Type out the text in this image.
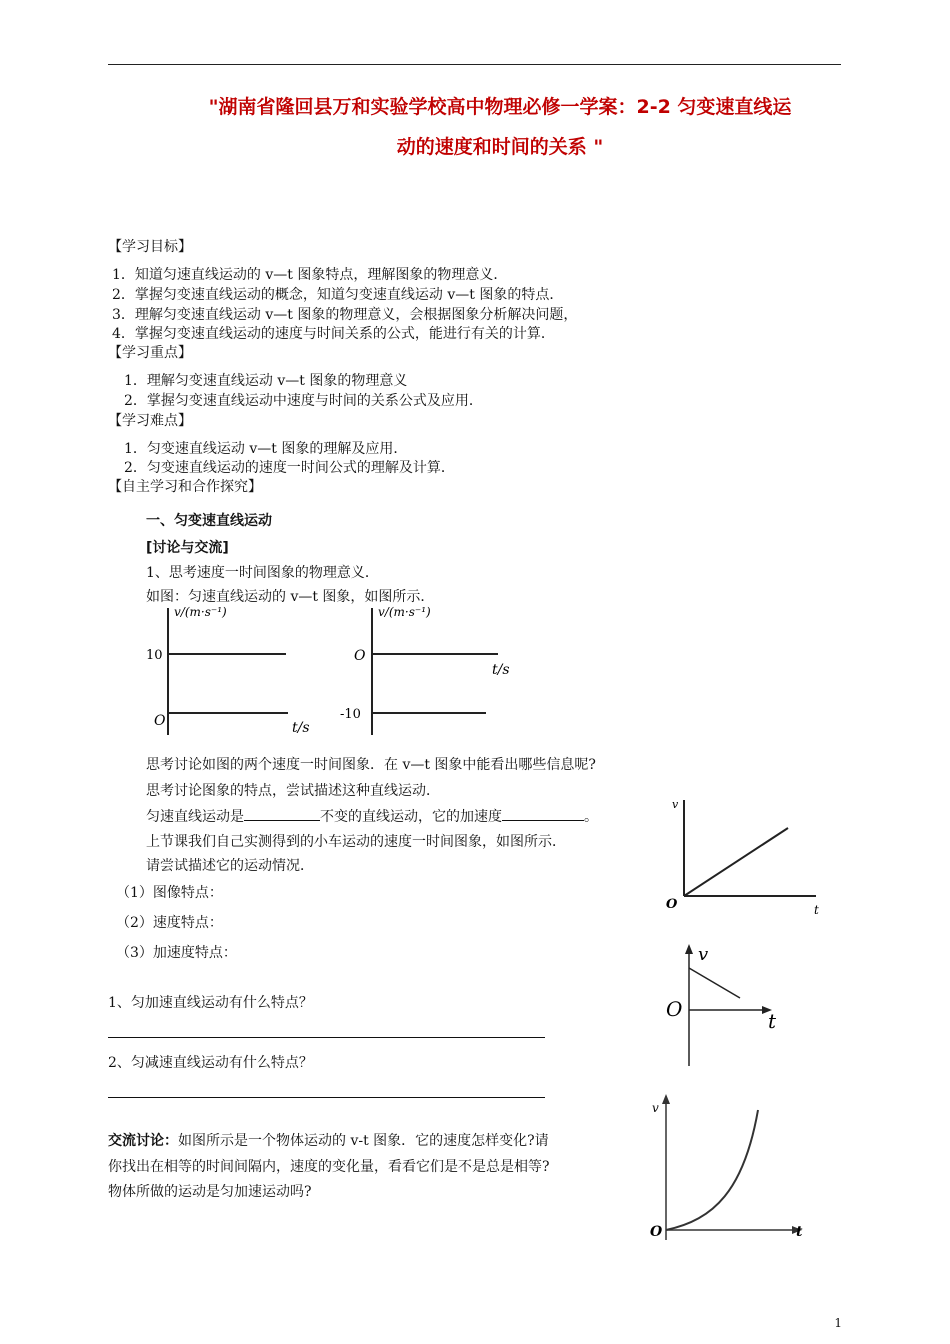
"湖南省隆回县万和实验学校高中物理必修一学案：2-2 匀变速直线运
动的速度和时间的关系 "
【学习目标】
1．知道匀速直线运动的 v—t 图象特点，理解图象的物理意义．
2．掌握匀变速直线运动的概念，知道匀变速直线运动 v—t 图象的特点．
3．理解匀变速直线运动 v—t 图象的物理意义，会根据图象分析解决问题，
4．掌握匀变速直线运动的速度与时间关系的公式，能进行有关的计算．
【学习重点】
1．理解匀变速直线运动 v—t 图象的物理意义
2．掌握匀变速直线运动中速度与时间的关系公式及应用．
【学习难点】
1．匀变速直线运动 v—t 图象的理解及应用．
2．匀变速直线运动的速度一时间公式的理解及计算．
【自主学习和合作探究】
一、匀变速直线运动
[讨论与交流]
1、思考速度一时间图象的物理意义．
如图：匀速直线运动的 v—t 图象，如图所示．
v/(m·s⁻¹)
10
O	t/s
v/(m·s⁻¹)
O
-10
t/s
思考讨论如图的两个速度一时间图象．在 v—t 图象中能看出哪些信息呢?
思考讨论图象的特点，尝试描述这种直线运动．
匀速直线运动是	不变的直线运动，它的加速度	。
上节课我们自己实测得到的小车运动的速度一时间图象，如图所示．
请尝试描述它的运动情况．
（1）图像特点：
（2）速度特点：
（3）加速度特点：
v
O	t
v
O	t
1、匀加速直线运动有什么特点？
2、匀减速直线运动有什么特点？
交流讨论：如图所示是一个物体运动的 v-t 图象．它的速度怎样变化?请
你找出在相等的时间间隔内，速度的变化量，看看它们是不是总是相等?
物体所做的运动是匀加速运动吗?
v
O	t
1
